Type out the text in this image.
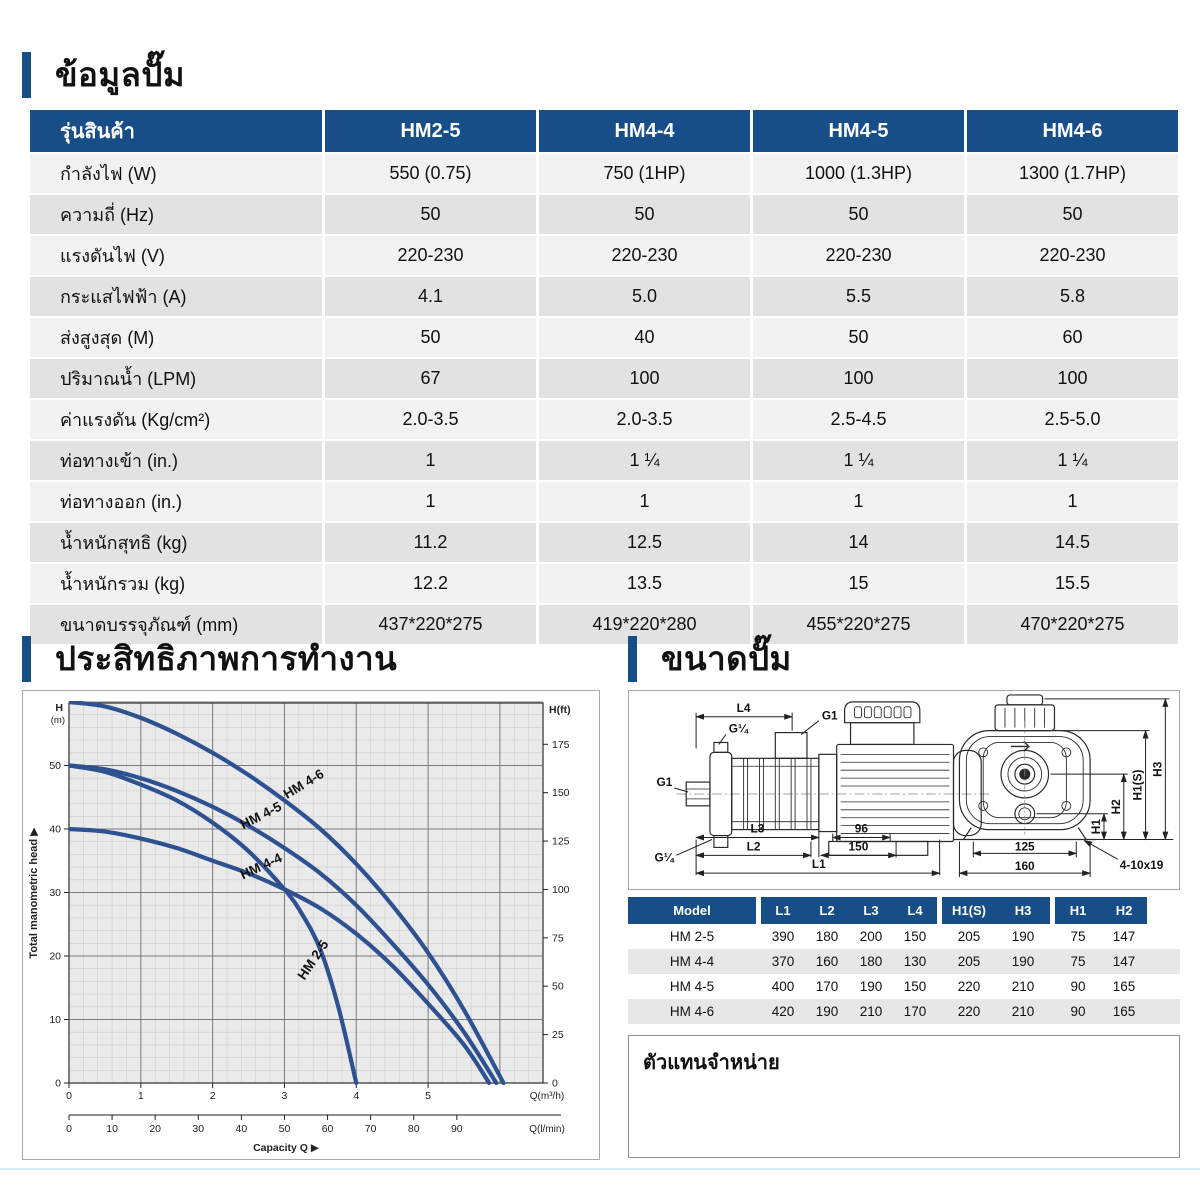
ข้อมูลปั๊ม
รุ่นสินค้า	HM2-5	HM4-4	HM4-5	HM4-6
กำลังไฟ (W)	550 (0.75)	750 (1HP)	1000 (1.3HP)	1300 (1.7HP)
ความถี่ (Hz)	50	50	50	50
แรงดันไฟ (V)	220-230	220-230	220-230	220-230
กระแสไฟฟ้า (A)	4.1	5.0	5.5	5.8
ส่งสูงสุด (M)	50	40	50	60
ปริมาณน้ำ (LPM)	67	100	100	100
ค่าแรงดัน (Kg/cm²)	2.0-3.5	2.0-3.5	2.5-4.5	2.5-5.0
ท่อทางเข้า (in.)	1	1 ¼	1 ¼	1 ¼
ท่อทางออก (in.)	1	1	1	1
น้ำหนักสุทธิ (kg)	11.2	12.5	14	14.5
น้ำหนักรวม (kg)	12.2	13.5	15	15.5
ขนาดบรรจุภัณฑ์ (mm)	437*220*275	419*220*280	455*220*275	470*220*275
ประสิทธิภาพการทำงาน	ขนาดปั๊ม
0
10
20
30
40
50
H
(m)
Total manometric head ▶
0
25
50
75
100
125
150
175
H(ft)
0	1	2	3	4	5	Q(m³/h)
0	10	20	30	40	50	60	70	80	90	Q(l/min)
Capacity Q ▶
HM 4-6
HM 4-5
HM 4-4
HM 2-5
L4
G1
G¼
G1
G¼
L3	96
L2	150
L1
125
160	4-10x19
H1
H2
H1(S)
H3
Model	L1	L2	L3	L4	H1(S)	H3	H1	H2
HM 2-5	390	180	200	150	205	190	75	147
HM 4-4	370	160	180	130	205	190	75	147
HM 4-5	400	170	190	150	220	210	90	165
HM 4-6	420	190	210	170	220	210	90	165
ตัวแทนจำหน่าย
